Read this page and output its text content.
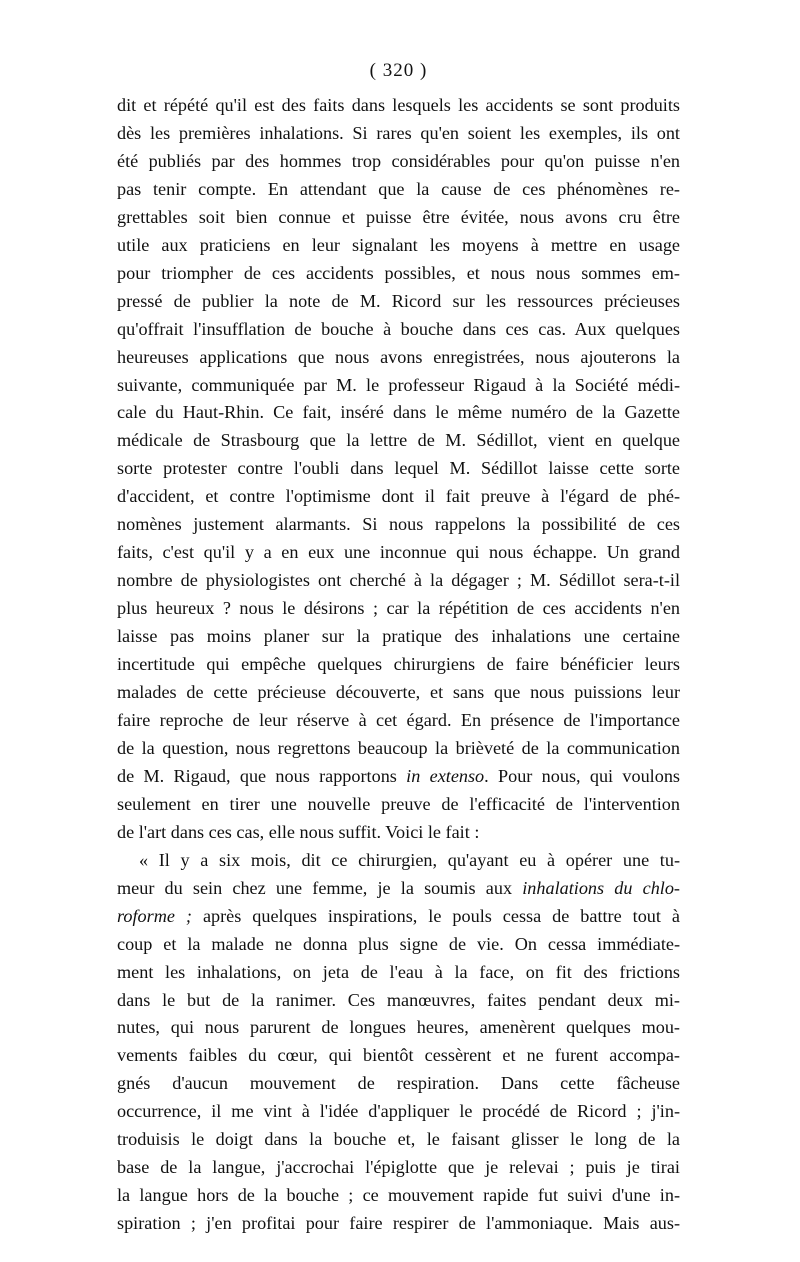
( 320 )

dit et répété qu'il est des faits dans lesquels les accidents se sont produits
dès les premières inhalations. Si rares qu'en soient les exemples, ils ont
été publiés par des hommes trop considérables pour qu'on puisse n'en
pas tenir compte. En attendant que la cause de ces phénomènes re-
grettables soit bien connue et puisse être évitée, nous avons cru être
utile aux praticiens en leur signalant les moyens à mettre en usage
pour triompher de ces accidents possibles, et nous nous sommes em-
pressé de publier la note de M. Ricord sur les ressources précieuses
qu'offrait l'insufflation de bouche à bouche dans ces cas. Aux quelques
heureuses applications que nous avons enregistrées, nous ajouterons la
suivante, communiquée par M. le professeur Rigaud à la Société médi-
cale du Haut-Rhin. Ce fait, inséré dans le même numéro de la Gazette
médicale de Strasbourg que la lettre de M. Sédillot, vient en quelque
sorte protester contre l'oubli dans lequel M. Sédillot laisse cette sorte
d'accident, et contre l'optimisme dont il fait preuve à l'égard de phé-
nomènes justement alarmants. Si nous rappelons la possibilité de ces
faits, c'est qu'il y a en eux une inconnue qui nous échappe. Un grand
nombre de physiologistes ont cherché à la dégager ; M. Sédillot sera-t-il
plus heureux ? nous le désirons ; car la répétition de ces accidents n'en
laisse pas moins planer sur la pratique des inhalations une certaine
incertitude qui empêche quelques chirurgiens de faire bénéficier leurs
malades de cette précieuse découverte, et sans que nous puissions leur
faire reproche de leur réserve à cet égard. En présence de l'importance
de la question, nous regrettons beaucoup la brièveté de la communication
de M. Rigaud, que nous rapportons in extenso. Pour nous, qui voulons
seulement en tirer une nouvelle preuve de l'efficacité de l'intervention
de l'art dans ces cas, elle nous suffit. Voici le fait :

« Il y a six mois, dit ce chirurgien, qu'ayant eu à opérer une tu-
meur du sein chez une femme, je la soumis aux inhalations du chlo-
roforme ; après quelques inspirations, le pouls cessa de battre tout à
coup et la malade ne donna plus signe de vie. On cessa immédiate-
ment les inhalations, on jeta de l'eau à la face, on fit des frictions
dans le but de la ranimer. Ces manœuvres, faites pendant deux mi-
nutes, qui nous parurent de longues heures, amenèrent quelques mou-
vements faibles du cœur, qui bientôt cessèrent et ne furent accompa-
gnés d'aucun mouvement de respiration. Dans cette fâcheuse
occurrence, il me vint à l'idée d'appliquer le procédé de Ricord ; j'in-
troduisis le doigt dans la bouche et, le faisant glisser le long de la
base de la langue, j'accrochai l'épiglotte que je relevai ; puis je tirai
la langue hors de la bouche ; ce mouvement rapide fut suivi d'une in-
spiration ; j'en profitai pour faire respirer de l'ammoniaque. Mais aus-
